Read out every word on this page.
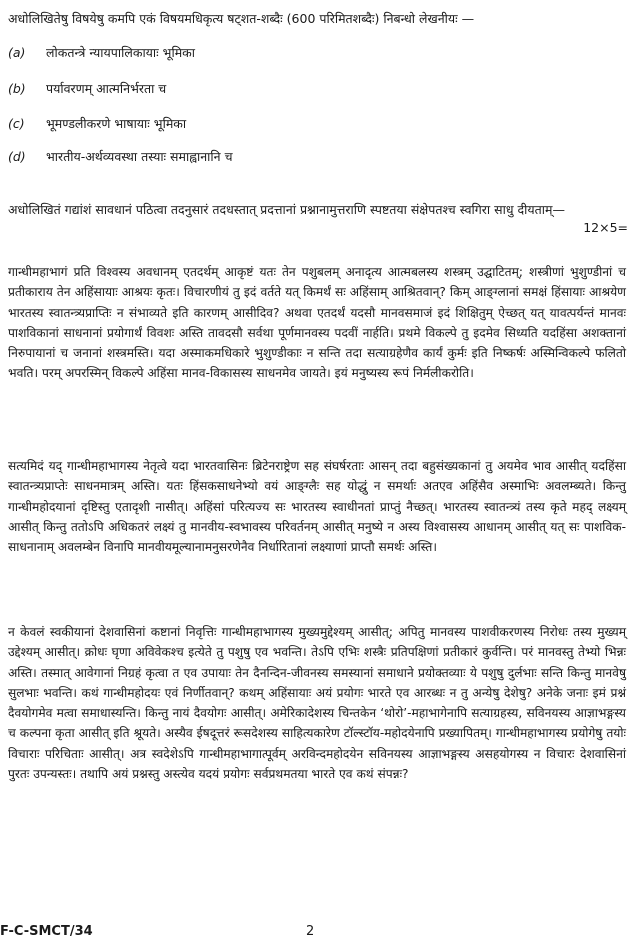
अधोलिखितेषु विषयेषु कमपि एकं विषयमधिकृत्य षट्शत-शब्दैः (600 परिमितशब्दैः) निबन्धो लेखनीयः —
(a) लोकतन्त्रे न्यायपालिकायाः भूमिका
(b) पर्यावरणम् आत्मनिर्भरता च
(c) भूमण्डलीकरणे भाषायाः भूमिका
(d) भारतीय-अर्थव्यवस्था तस्याः समाह्वानानि च
अधोलिखितं गद्यांशं सावधानं पठित्वा तदनुसारं तदधस्तात् प्रदत्तानां प्रश्नानामुत्तराणि स्पष्टतया संक्षेपतश्च स्वगिरा साधु दीयताम्—
12×5=

गान्धीमहाभागं प्रति विश्वस्य अवधानम् एतदर्थम् आकृष्टं यतः तेन पशुबलम् अनादृत्य आत्मबलस्य शस्त्रम् उद्घाटितम्; शस्त्रीणां भुशुण्डीनां च प्रतीकाराय तेन अहिंसायाः आश्रयः कृतः। विचारणीयं तु इदं वर्तते यत् किमर्थं सः अहिंसाम् आश्रितवान्? किम् आङ्ग्लानां समक्षं हिंसायाः आश्रयेण भारतस्य स्वातन्त्र्यप्राप्तिः न संभाव्यते इति कारणम् आसीदिव? अथवा एतदर्थं यदसौ मानवसमाजं इदं शिक्षितुम् ऐच्छत् यत् यावत्पर्यन्तं मानवः पाशविकानां साधनानां प्रयोगार्थं विवशः अस्ति तावदसौ सर्वथा पूर्णमानवस्य पदवीं नार्हति। प्रथमे विकल्पे तु इदमेव सिध्यति यदहिंसा अशक्तानां निरुपायानां च जनानां शस्त्रमस्ति। यदा अस्माकमधिकारे भुशुण्डीकाः न सन्ति तदा सत्याग्रहेणैव कार्यं कुर्मः इति निष्कर्षः अस्मिन्विकल्पे फलितो भवति। परम् अपरस्मिन् विकल्पे अहिंसा मानव-विकासस्य साधनमेव जायते। इयं मनुष्यस्य रूपं निर्मलीकरोति।

सत्यमिदं यद् गान्धीमहाभागस्य नेतृत्वे यदा भारतवासिनः ब्रिटेनराष्ट्रेण सह संघर्षरताः आसन् तदा बहुसंख्यकानां तु अयमेव भाव आसीत् यदहिंसा स्वातन्त्र्यप्राप्तेः साधनमात्रम् अस्ति। यतः हिंसकसाधनेभ्यो वयं आङ्ग्लैः सह योद्धुं न समर्थाः अतएव अहिंसैव अस्माभिः अवलम्ब्यते। किन्तु गान्धीमहोदयानां दृष्टिस्तु एतादृशी नासीत्। अहिंसां परित्यज्य सः भारतस्य स्वाधीनतां प्राप्तुं नैच्छत्। भारतस्य स्वातन्त्र्यं तस्य कृते महद् लक्ष्यम् आसीत् किन्तु ततोऽपि अधिकतरं लक्ष्यं तु मानवीय-स्वभावस्य परिवर्तनम् आसीत् मनुष्ये न अस्य विश्वासस्य आधानम् आसीत् यत् सः पाशविक-साधनानाम् अवलम्बेन विनापि मानवीयमूल्यानामनुसरणेनैव निर्धारितानां लक्ष्याणां प्राप्तौ समर्थः अस्ति।

न केवलं स्वकीयानां देशवासिनां कष्टानां निवृत्तिः गान्धीमहाभागस्य मुख्यमुद्देश्यम् आसीत्; अपितु मानवस्य पाशवीकरणस्य निरोधः तस्य मुख्यम् उद्देश्यम् आसीत्। क्रोधः घृणा अविवेकश्च इत्येते तु पशुषु एव भवन्ति। तेऽपि एभिः शस्त्रैः प्रतिपक्षिणां प्रतीकारं कुर्वन्ति। परं मानवस्तु तेभ्यो भिन्नः अस्ति। तस्मात् आवेगानां निग्रहं कृत्वा त एव उपायाः तेन दैनन्दिन-जीवनस्य समस्यानां समाधाने प्रयोक्तव्याः ये पशुषु दुर्लभाः सन्ति किन्तु मानवेषु सुलभाः भवन्ति। कथं गान्धीमहोदयः एवं निर्णीतवान्? कथम् अहिंसायाः अयं प्रयोगः भारते एव आरब्धः न तु अन्येषु देशेषु? अनेके जनाः इमं प्रश्नं दैवयोगमेव मत्वा समाधास्यन्ति। किन्तु नायं दैवयोगः आसीत्। अमेरिकादेशस्य चिन्तकेन ‘थोरो’-महाभागेनापि सत्याग्रहस्य, सविनयस्य आज्ञाभङ्गस्य च कल्पना कृता आसीत् इति श्रूयते। अस्यैव ईषदूत्तरं रूसदेशस्य साहित्यकारेण टॉल्स्टॉय-महोदयेनापि प्रख्यापितम्। गान्धीमहाभागस्य प्रयोगेषु तयोः विचाराः परिचिताः आसीत्। अत्र स्वदेशेऽपि गान्धीमहाभागात्पूर्वम् अरविन्दमहोदयेन सविनयस्य आज्ञाभङ्गस्य असहयोगस्य न विचारः देशवासिनां पुरतः उपन्यस्तः। तथापि अयं प्रश्नस्तु अस्त्येव यदयं प्रयोगः सर्वप्रथमतया भारते एव कथं संपन्नः?

F-C-SMCT/34	2
